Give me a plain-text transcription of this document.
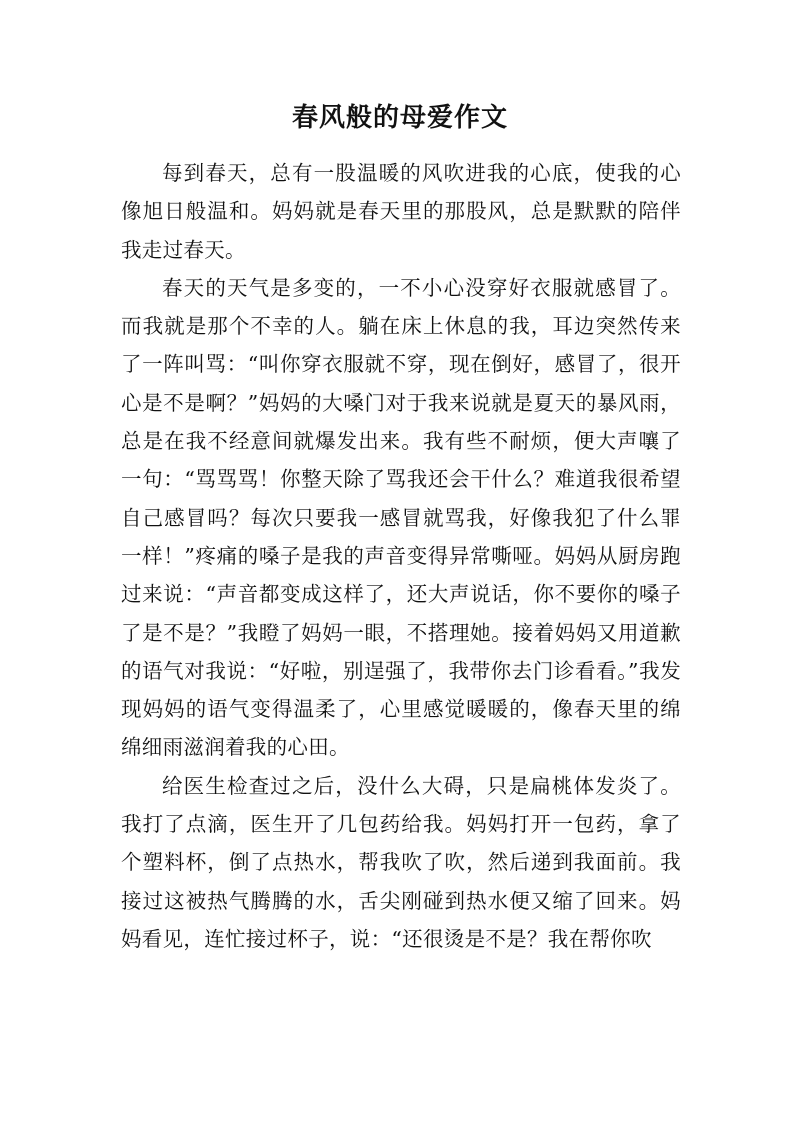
春风般的母爱作文

每到春天，总有一股温暖的风吹进我的心底，使我的心像旭日般温和。妈妈就是春天里的那股风，总是默默的陪伴我走过春天。

春天的天气是多变的，一不小心没穿好衣服就感冒了。而我就是那个不幸的人。躺在床上休息的我，耳边突然传来了一阵叫骂：“叫你穿衣服就不穿，现在倒好，感冒了，很开心是不是啊？”妈妈的大嗓门对于我来说就是夏天的暴风雨，总是在我不经意间就爆发出来。我有些不耐烦，便大声嚷了一句：“骂骂骂！你整天除了骂我还会干什么？难道我很希望自己感冒吗？每次只要我一感冒就骂我，好像我犯了什么罪一样！”疼痛的嗓子是我的声音变得异常嘶哑。妈妈从厨房跑过来说：“声音都变成这样了，还大声说话，你不要你的嗓子了是不是？”我瞪了妈妈一眼，不搭理她。接着妈妈又用道歉的语气对我说：“好啦，别逞强了，我带你去门诊看看。”我发现妈妈的语气变得温柔了，心里感觉暖暖的，像春天里的绵绵细雨滋润着我的心田。

给医生检查过之后，没什么大碍，只是扁桃体发炎了。我打了点滴，医生开了几包药给我。妈妈打开一包药，拿了个塑料杯，倒了点热水，帮我吹了吹，然后递到我面前。我接过这被热气腾腾的水，舌尖刚碰到热水便又缩了回来。妈妈看见，连忙接过杯子，说：“还很烫是不是？我在帮你吹
